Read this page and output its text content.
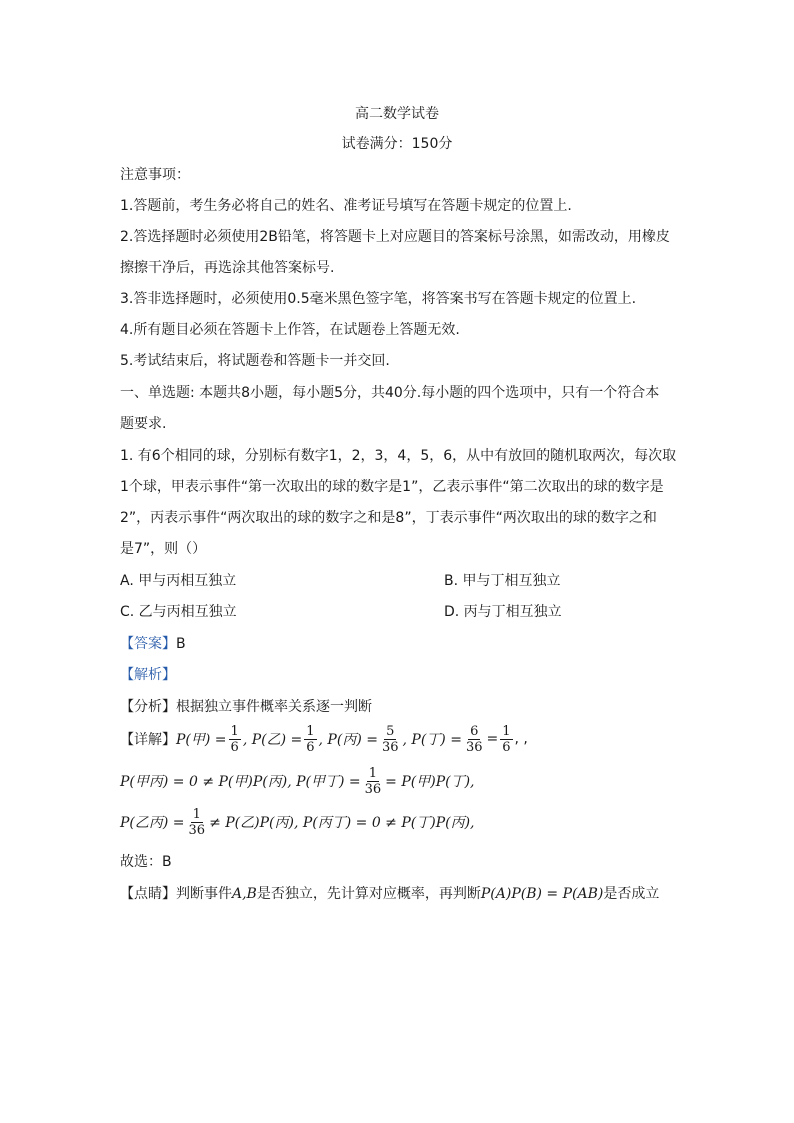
高二数学试卷
试卷满分：150分
注意事项：
1.答题前，考生务必将自己的姓名、准考证号填写在答题卡规定的位置上.
2.答选择题时必须使用2B铅笔，将答题卡上对应题目的答案标号涂黑，如需改动，用橡皮
擦擦干净后，再选涂其他答案标号.
3.答非选择题时，必须使用0.5毫米黑色签字笔，将答案书写在答题卡规定的位置上.
4.所有题目必须在答题卡上作答，在试题卷上答题无效.
5.考试结束后，将试题卷和答题卡一并交回.
一、单选题: 本题共8小题，每小题5分，共40分.每小题的四个选项中，只有一个符合本
题要求.
1. 有6个相同的球，分别标有数字1，2，3，4，5，6，从中有放回的随机取两次，每次取
1个球，甲表示事件“第一次取出的球的数字是1”，乙表示事件“第二次取出的球的数字是
2”，丙表示事件“两次取出的球的数字之和是8”，丁表示事件“两次取出的球的数字之和
是7”，则（）
A. 甲与丙相互独立	B. 甲与丁相互独立
C. 乙与丙相互独立	D. 丙与丁相互独立
【答案】B
【解析】
【分析】根据独立事件概率关系逐一判断
【详解】 P(甲) = $\frac{1}{6}$ , P(乙) = $\frac{1}{6}$ , P(丙) = $\frac{5}{36}$ , P(丁) = $\frac{6}{36} = \frac{1}{6}$ , ,
P(甲丙) = 0 ≠ P(甲)P(丙), P(甲丁) = $\frac{1}{36} = P$(甲)P(丁),
P(乙丙) = $\frac{1}{36} \ne P$(乙)P(丙), P(丙丁) = 0 ≠ P(丁)P(丙),
故选：B
【点睛】判断事件A,B是否独立，先计算对应概率，再判断P(A)P(B) = P(AB)是否成立
